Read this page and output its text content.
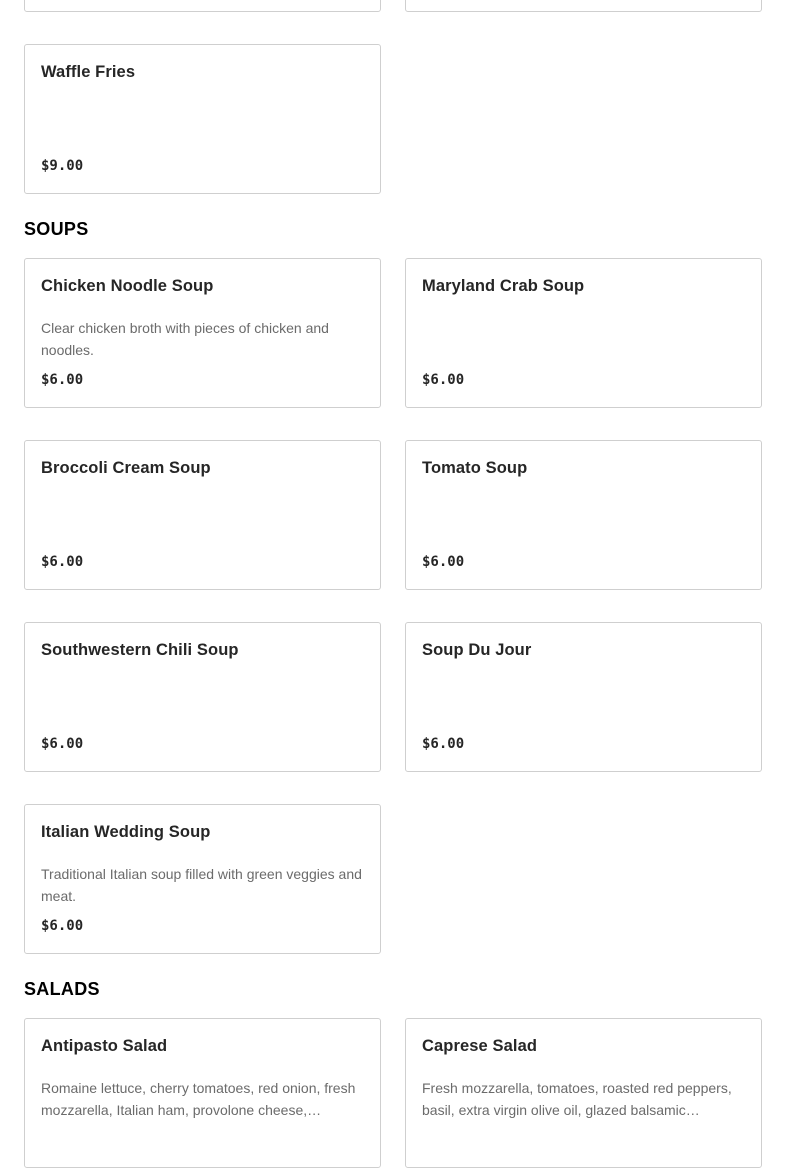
Waffle Fries
$9.00
SOUPS
Chicken Noodle Soup
Clear chicken broth with pieces of chicken and noodles.
$6.00
Maryland Crab Soup
$6.00
Broccoli Cream Soup
$6.00
Tomato Soup
$6.00
Southwestern Chili Soup
$6.00
Soup Du Jour
$6.00
Italian Wedding Soup
Traditional Italian soup filled with green veggies and meat.
$6.00
SALADS
Antipasto Salad
Romaine lettuce, cherry tomatoes, red onion, fresh mozzarella, Italian ham, provolone cheese,…
Caprese Salad
Fresh mozzarella, tomatoes, roasted red peppers, basil, extra virgin olive oil, glazed balsamic…
